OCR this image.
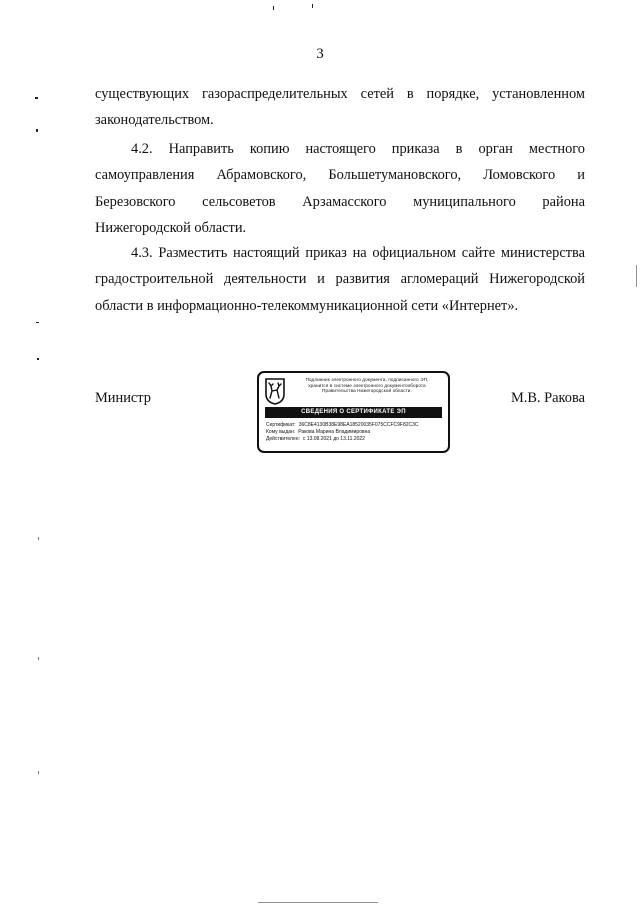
3

существующих газораспределительных сетей в порядке, установленном законодательством.

4.2. Направить копию настоящего приказа в орган местного самоуправления Абрамовского, Большетумановского, Ломовского и Березовского сельсоветов Арзамасского муниципального района Нижегородской области.

4.3. Разместить настоящий приказ на официальном сайте министерства градостроительной деятельности и развития агломераций Нижегородской области в информационно-телекоммуникационной сети «Интернет».

Министр	М.В. Ракова
Подлинник электронного документа, подписанного ЭП,
хранится в системе электронного документооборота
Правительства Нижегородской области.
СВЕДЕНИЯ О СЕРТИФИКАТЕ ЭП
Сертификат: 36C8E4130B38E98EA18520035F075CCFC9F82C3C
Кому выдан: Ракова Марина Владимировна
Действителен: с 13.08.2021 до 13.11.2022
